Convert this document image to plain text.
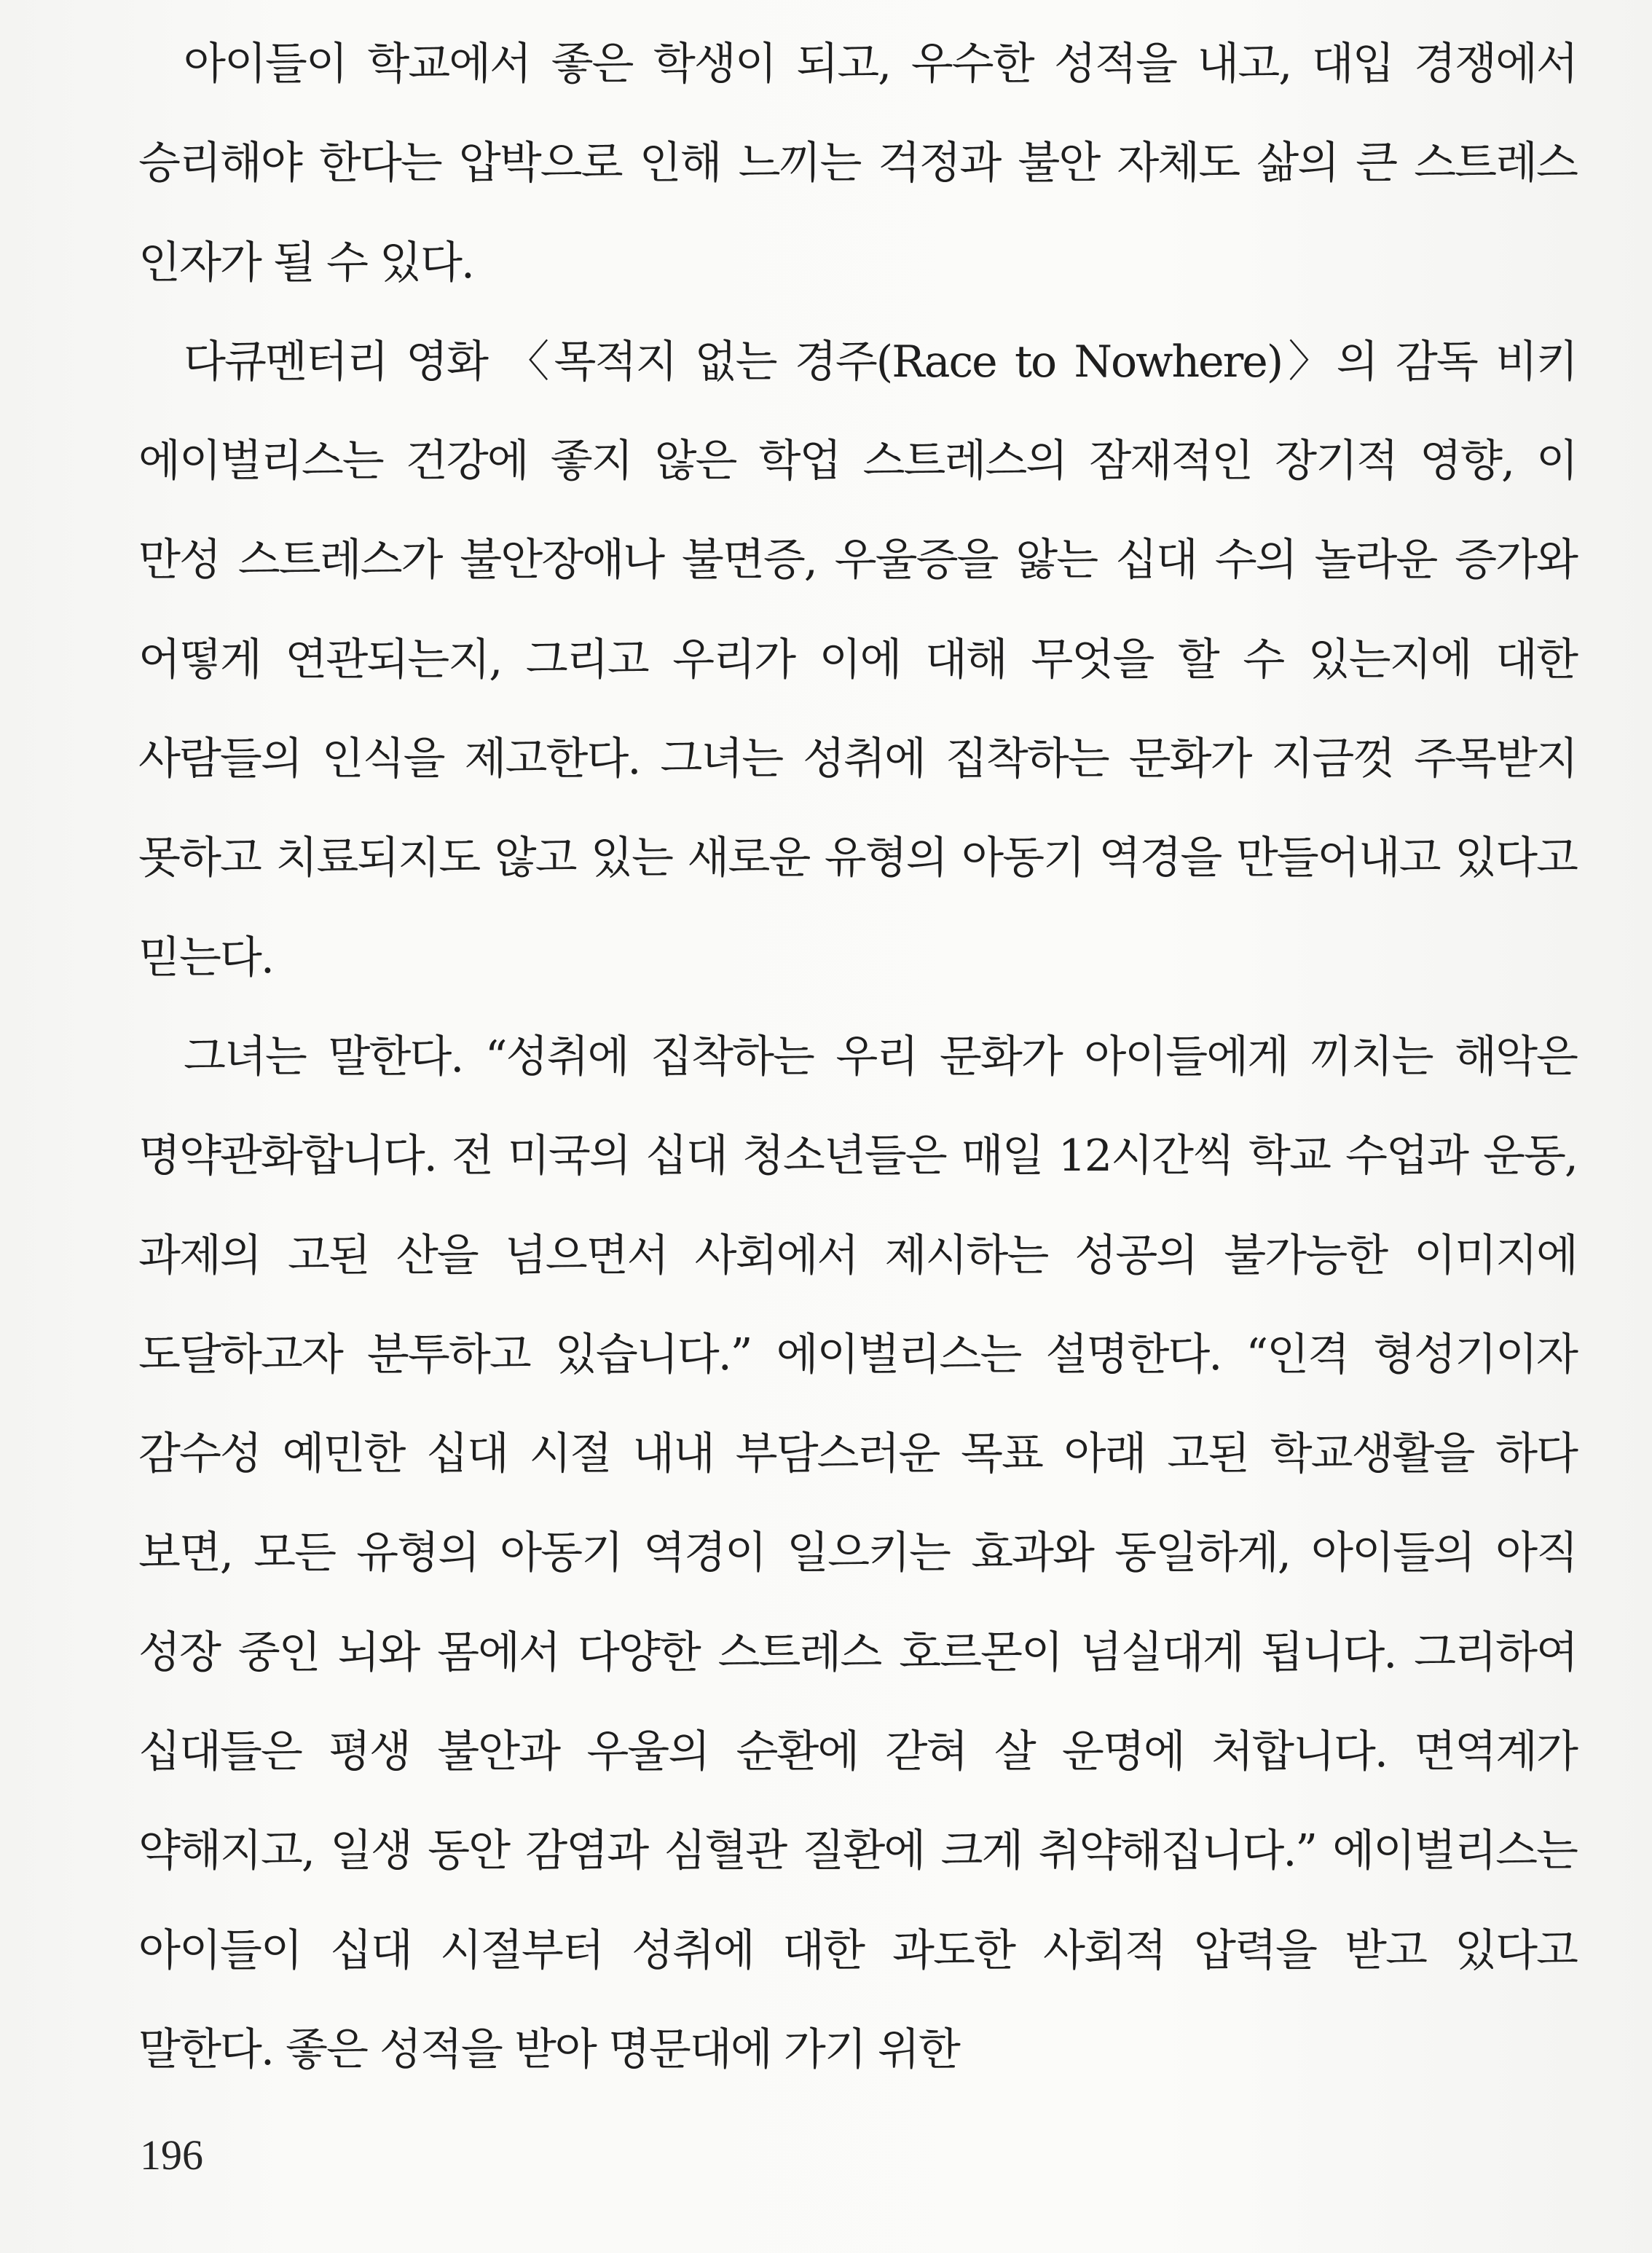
아이들이 학교에서 좋은 학생이 되고, 우수한 성적을 내고, 대입 경쟁에서 승리해야 한다는 압박으로 인해 느끼는 걱정과 불안 자체도 삶의 큰 스트레스 인자가 될 수 있다.

다큐멘터리 영화 〈목적지 없는 경주(Race to Nowhere)〉의 감독 비키 에이벌리스는 건강에 좋지 않은 학업 스트레스의 잠재적인 장기적 영향, 이 만성 스트레스가 불안장애나 불면증, 우울증을 앓는 십대 수의 놀라운 증가와 어떻게 연관되는지, 그리고 우리가 이에 대해 무엇을 할 수 있는지에 대한 사람들의 인식을 제고한다. 그녀는 성취에 집착하는 문화가 지금껏 주목받지 못하고 치료되지도 않고 있는 새로운 유형의 아동기 역경을 만들어내고 있다고 믿는다.

그녀는 말한다. “성취에 집착하는 우리 문화가 아이들에게 끼치는 해악은 명약관화합니다. 전 미국의 십대 청소년들은 매일 12시간씩 학교 수업과 운동, 과제의 고된 산을 넘으면서 사회에서 제시하는 성공의 불가능한 이미지에 도달하고자 분투하고 있습니다.” 에이벌리스는 설명한다. “인격 형성기이자 감수성 예민한 십대 시절 내내 부담스러운 목표 아래 고된 학교생활을 하다 보면, 모든 유형의 아동기 역경이 일으키는 효과와 동일하게, 아이들의 아직 성장 중인 뇌와 몸에서 다양한 스트레스 호르몬이 넘실대게 됩니다. 그리하여 십대들은 평생 불안과 우울의 순환에 갇혀 살 운명에 처합니다. 면역계가 약해지고, 일생 동안 감염과 심혈관 질환에 크게 취약해집니다.” 에이벌리스는 아이들이 십대 시절부터 성취에 대한 과도한 사회적 압력을 받고 있다고 말한다. 좋은 성적을 받아 명문대에 가기 위한

196
